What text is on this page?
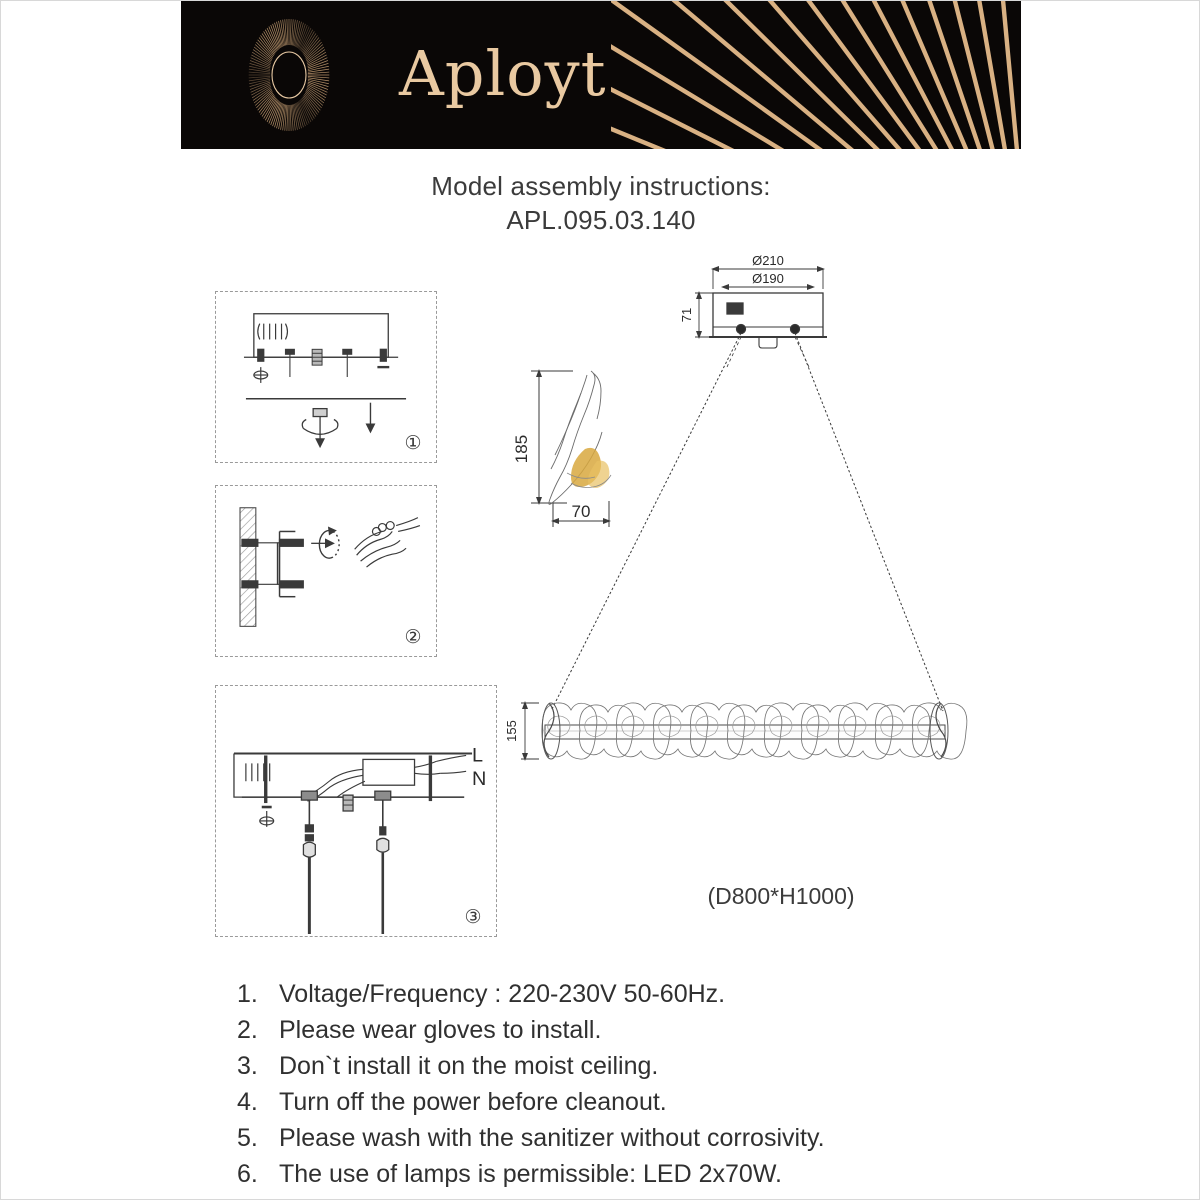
Aployt
Model assembly instructions:
APL.095.03.140
①
②
L
N
③
185
70
Ø210
Ø190
71
155
(D800*H1000)
1. Voltage/Frequency : 220-230V 50-60Hz.
2. Please wear gloves to install.
3. Don`t install it on the moist ceiling.
4. Turn off the power before cleanout.
5. Please wash with the sanitizer without corrosivity.
6. The use of lamps is permissible: LED 2x70W.
